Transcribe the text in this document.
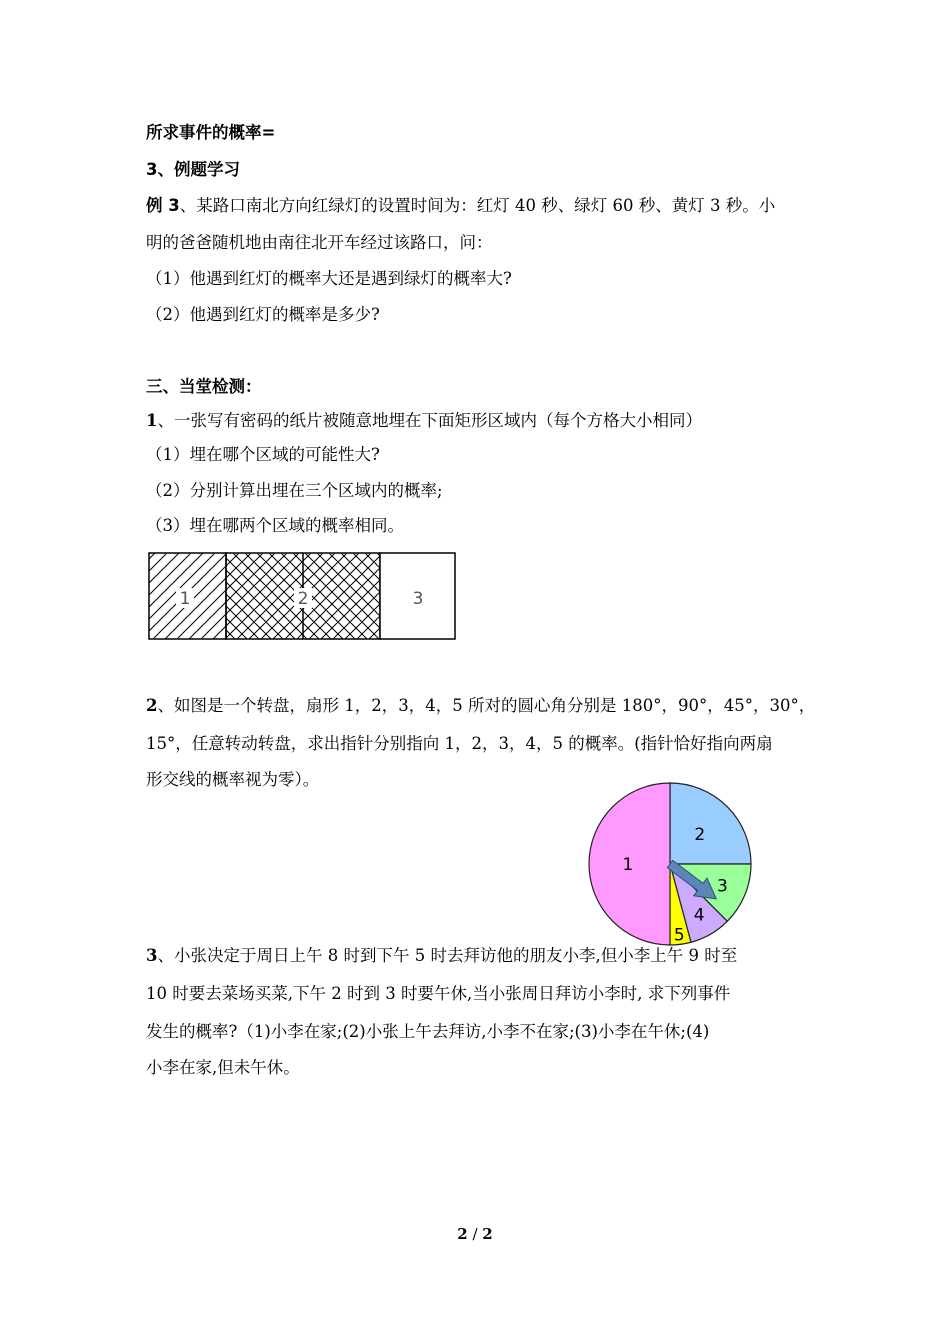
所求事件的概率=
3、例题学习
例 3、某路口南北方向红绿灯的设置时间为：红灯 40 秒、绿灯 60 秒、黄灯 3 秒。小
明的爸爸随机地由南往北开车经过该路口，问：
（1）他遇到红灯的概率大还是遇到绿灯的概率大?
（2）他遇到红灯的概率是多少?
三、当堂检测：
1、一张写有密码的纸片被随意地埋在下面矩形区域内（每个方格大小相同）
（1）埋在哪个区域的可能性大?
（2）分别计算出埋在三个区域内的概率;
（3）埋在哪两个区域的概率相同。
1	2	3
2、如图是一个转盘，扇形 1，2，3，4，5 所对的圆心角分别是 180°，90°，45°，30°，
15°，任意转动转盘，求出指针分别指向 1，2，3，4，5 的概率。(指针恰好指向两扇
形交线的概率视为零）。
2
3
4
5
1
3、小张决定于周日上午 8 时到下午 5 时去拜访他的朋友小李,但小李上午 9 时至
10 时要去菜场买菜,下午 2 时到 3 时要午休,当小张周日拜访小李时, 求下列事件
发生的概率?（1)小李在家;(2)小张上午去拜访,小李不在家;(3)小李在午休;(4)
小李在家,但未午休。
2 / 2
